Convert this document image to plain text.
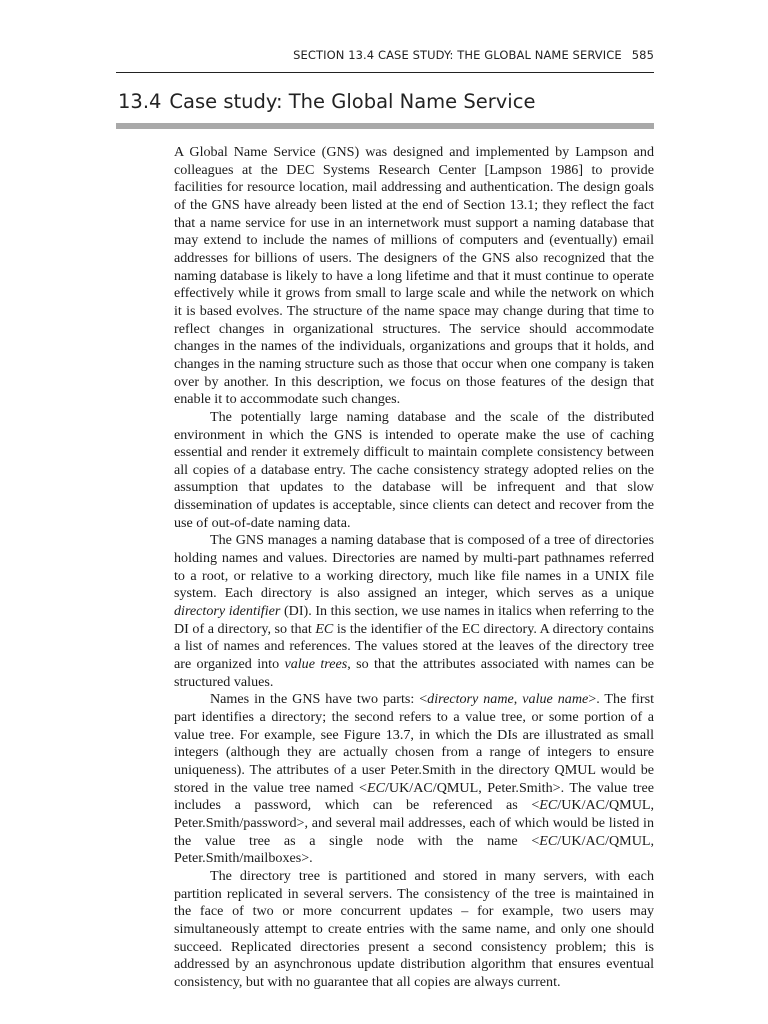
SECTION 13.4 CASE STUDY: THE GLOBAL NAME SERVICE 585
13.4 Case study: The Global Name Service

A Global Name Service (GNS) was designed and implemented by Lampson and colleagues at the DEC Systems Research Center [Lampson 1986] to provide facilities for resource location, mail addressing and authentication. The design goals of the GNS have already been listed at the end of Section 13.1; they reflect the fact that a name service for use in an internetwork must support a naming database that may extend to include the names of millions of computers and (eventually) email addresses for billions of users. The designers of the GNS also recognized that the naming database is likely to have a long lifetime and that it must continue to operate effectively while it grows from small to large scale and while the network on which it is based evolves. The structure of the name space may change during that time to reflect changes in organizational structures. The service should accommodate changes in the names of the individuals, organizations and groups that it holds, and changes in the naming structure such as those that occur when one company is taken over by another. In this description, we focus on those features of the design that enable it to accommodate such changes.

The potentially large naming database and the scale of the distributed environment in which the GNS is intended to operate make the use of caching essential and render it extremely difficult to maintain complete consistency between all copies of a database entry. The cache consistency strategy adopted relies on the assumption that updates to the database will be infrequent and that slow dissemination of updates is acceptable, since clients can detect and recover from the use of out-of-date naming data.

The GNS manages a naming database that is composed of a tree of directories holding names and values. Directories are named by multi-part pathnames referred to a root, or relative to a working directory, much like file names in a UNIX file system. Each directory is also assigned an integer, which serves as a unique directory identifier (DI). In this section, we use names in italics when referring to the DI of a directory, so that EC is the identifier of the EC directory. A directory contains a list of names and references. The values stored at the leaves of the directory tree are organized into value trees, so that the attributes associated with names can be structured values.

Names in the GNS have two parts: <directory name, value name>. The first part identifies a directory; the second refers to a value tree, or some portion of a value tree. For example, see Figure 13.7, in which the DIs are illustrated as small integers (although they are actually chosen from a range of integers to ensure uniqueness). The attributes of a user Peter.Smith in the directory QMUL would be stored in the value tree named <EC/UK/AC/QMUL, Peter.Smith>. The value tree includes a password, which can be referenced as <EC/UK/AC/QMUL, Peter.Smith/password>, and several mail addresses, each of which would be listed in the value tree as a single node with the name <EC/UK/AC/QMUL, Peter.Smith/mailboxes>.

The directory tree is partitioned and stored in many servers, with each partition replicated in several servers. The consistency of the tree is maintained in the face of two or more concurrent updates – for example, two users may simultaneously attempt to create entries with the same name, and only one should succeed. Replicated directories present a second consistency problem; this is addressed by an asynchronous update distribution algorithm that ensures eventual consistency, but with no guarantee that all copies are always current.
